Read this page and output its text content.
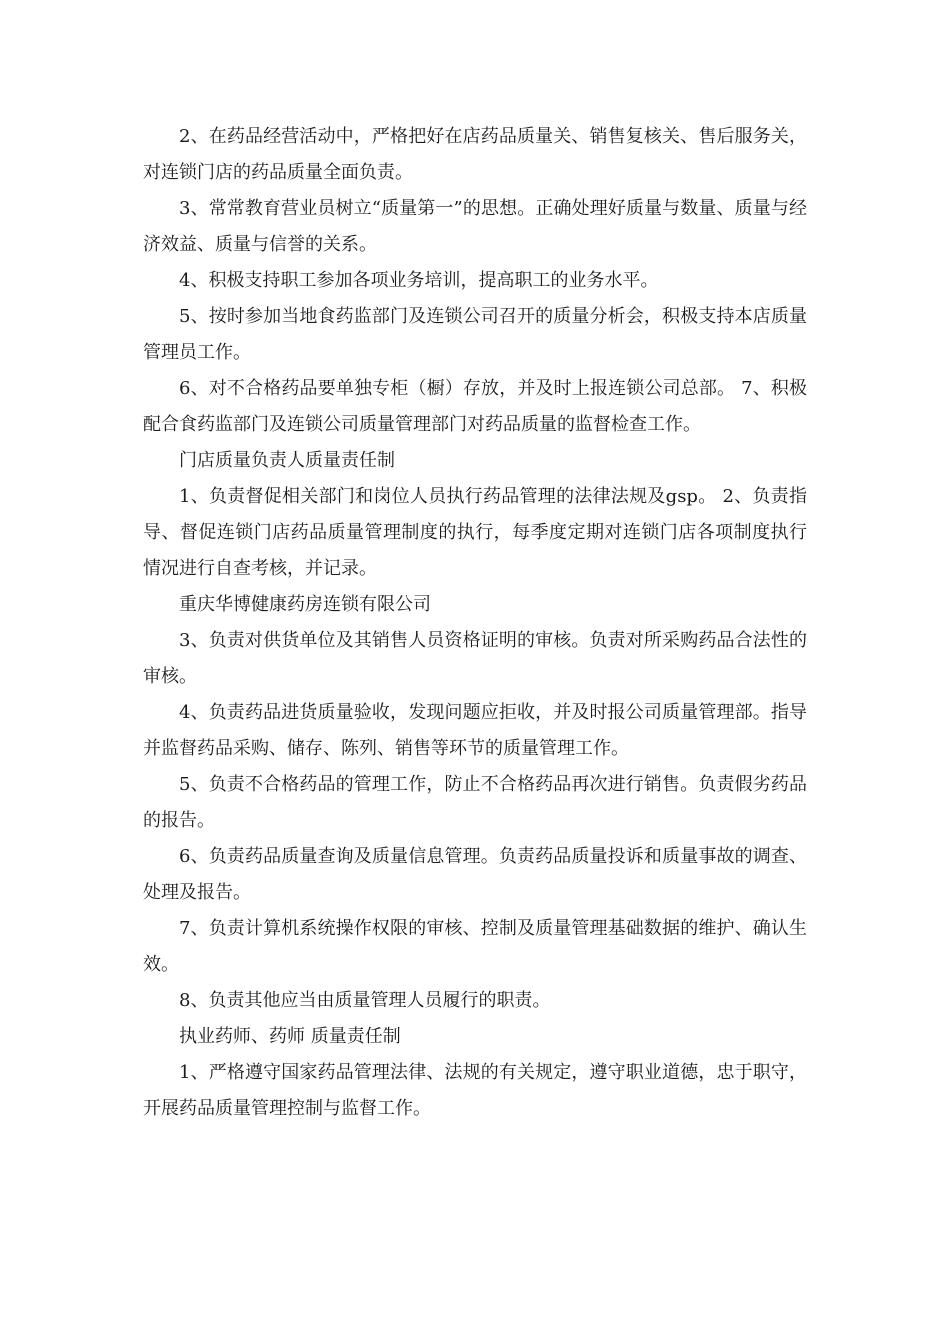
2、在药品经营活动中，严格把好在店药品质量关、销售复核关、售后服务关，对连锁门店的药品质量全面负责。

3、常常教育营业员树立“质量第一”的思想。正确处理好质量与数量、质量与经济效益、质量与信誉的关系。

4、积极支持职工参加各项业务培训，提高职工的业务水平。

5、按时参加当地食药监部门及连锁公司召开的质量分析会，积极支持本店质量管理员工作。

6、对不合格药品要单独专柜（橱）存放，并及时上报连锁公司总部。 7、积极配合食药监部门及连锁公司质量管理部门对药品质量的监督检查工作。

门店质量负责人质量责任制

1、负责督促相关部门和岗位人员执行药品管理的法律法规及gsp。 2、负责指导、督促连锁门店药品质量管理制度的执行，每季度定期对连锁门店各项制度执行情况进行自查考核，并记录。

重庆华博健康药房连锁有限公司

3、负责对供货单位及其销售人员资格证明的审核。负责对所采购药品合法性的审核。

4、负责药品进货质量验收，发现问题应拒收，并及时报公司质量管理部。指导并监督药品采购、储存、陈列、销售等环节的质量管理工作。

5、负责不合格药品的管理工作，防止不合格药品再次进行销售。负责假劣药品的报告。

6、负责药品质量查询及质量信息管理。负责药品质量投诉和质量事故的调查、处理及报告。

7、负责计算机系统操作权限的审核、控制及质量管理基础数据的维护、确认生效。

8、负责其他应当由质量管理人员履行的职责。

执业药师、药师 质量责任制

1、严格遵守国家药品管理法律、法规的有关规定，遵守职业道德，忠于职守，开展药品质量管理控制与监督工作。
